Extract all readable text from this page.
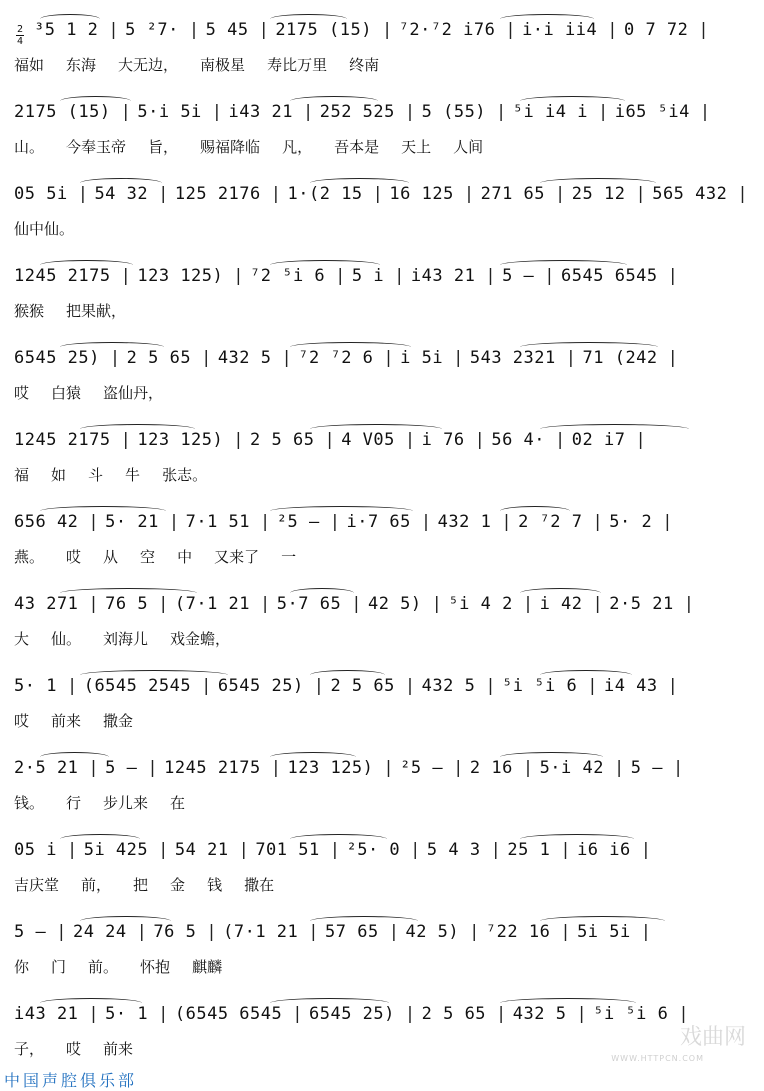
2
4
³5 1 2 | 5 ²7· | 5 45 | 2175 (15) | ⁷2·⁷2 i76 | i·i ii4 | 0 7 72 |
福如 东海 大无边， 南极星 寿比万里 终南
2175 (15) | 5·i 5i | i43 21 | 252 525 | 5 (55) | ⁵i i4 i | i65 ⁵i4 |
山。 今奉玉帝 旨， 赐福降临 凡， 吾本是 天上 人间
05 5i | 54 32 | 125 2176 | 1·(2 15 | 16 125 | 271 65 | 25 12 | 565 432 |
仙中仙。
1245 2175 | 123 125) | ⁷2 ⁵i 6 | 5 i | i43 21 | 5 — | 6545 6545 |
猴猴 把果献，
6545 25) | 2 5 65 | 432 5 | ⁷2 ⁷2 6 | i 5i | 543 2321 | 71 (242 |
哎 白猿 盗仙丹，
1245 2175 | 123 125) | 2 5 65 | 4 V05 | i 76 | 56 4· | 02 i7 |
福 如 斗 牛 张志。
656 42 | 5· 21 | 7·1 51 | ²5 — | i·7 65 | 432 1 | 2 ⁷2 7 | 5· 2 |
燕。 哎 从 空 中 又来了 一
43 271 | 76 5 | (7·1 21 | 5·7 65 | 42 5) | ⁵i 4 2 | i 42 | 2·5 21 |
大 仙。 刘海儿 戏金蟾，
5· 1 | (6545 2545 | 6545 25) | 2 5 65 | 432 5 | ⁵i ⁵i 6 | i4 43 |
哎 前来 撒金
2·5 21 | 5 — | 1245 2175 | 123 125) | ²5 — | 2 16 | 5·i 42 | 5 — |
钱。 行 步儿来 在
05 i | 5i 425 | 54 21 | 701 51 | ²5· 0 | 5 4 3 | 25 1 | i6 i6 |
吉庆堂 前， 把 金 钱 撒在
5 — | 24 24 | 76 5 | (7·1 21 | 57 65 | 42 5) | ⁷22 16 | 5i 5i |
你 门 前。 怀抱 麒麟
i43 21 | 5· 1 | (6545 6545 | 6545 25) | 2 5 65 | 432 5 | ⁵i ⁵i 6 |
子， 哎 前来	戏曲网
WWW.HTTPCN.COM
中国声腔俱乐部
